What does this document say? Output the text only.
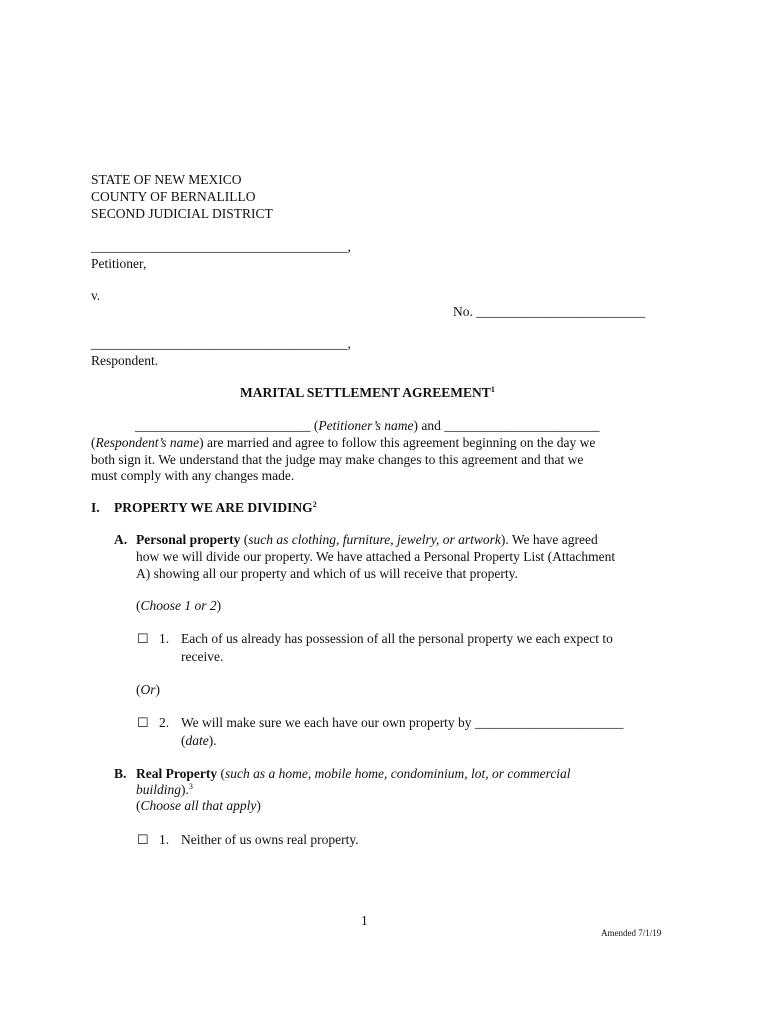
STATE OF NEW MEXICO
COUNTY OF BERNALILLO
SECOND JUDICIAL DISTRICT
______________________________________,
Petitioner,
v.
No. _________________________
______________________________________,
Respondent.
MARITAL SETTLEMENT AGREEMENT$^1$
__________________________ (Petitioner’s name) and _______________________
(Respondent’s name) are married and agree to follow this agreement beginning on the day we
both sign it. We understand that the judge may make changes to this agreement and that we
must comply with any changes made.
I. PROPERTY WE ARE DIVIDING$^2$
A. Personal property (such as clothing, furniture, jewelry, or artwork). We have agreed
how we will divide our property. We have attached a Personal Property List (Attachment
A) showing all our property and which of us will receive that property.
(Choose 1 or 2)
☐ 1. Each of us already has possession of all the personal property we each expect to
receive.
(Or)
☐ 2. We will make sure we each have our own property by ______________________
(date).
B. Real Property (such as a home, mobile home, condominium, lot, or commercial
building).$^3$
(Choose all that apply)
☐ 1. Neither of us owns real property.
1
Amended 7/1/19
